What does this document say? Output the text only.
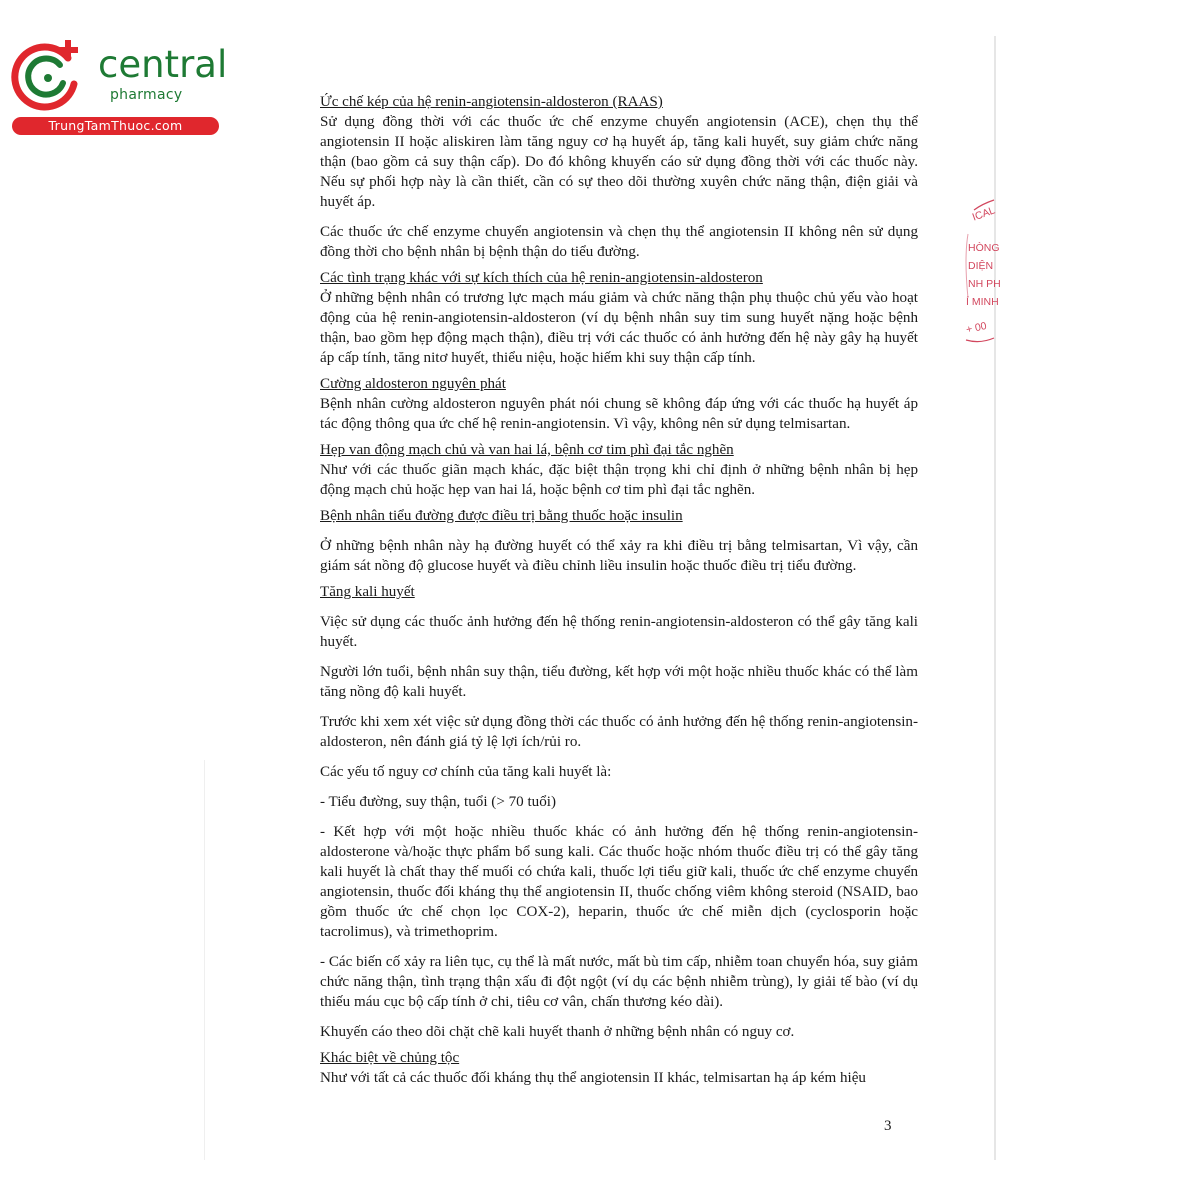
central
pharmacy
TrungTamThuoc.com
ICAL
HÒNG
DIỆN
NH PH
Í MINH
+ 00

Ức chế kép của hệ renin-angiotensin-aldosteron (RAAS)

Sử dụng đồng thời với các thuốc ức chế enzyme chuyển angiotensin (ACE), chẹn thụ thể angiotensin II hoặc aliskiren làm tăng nguy cơ hạ huyết áp, tăng kali huyết, suy giảm chức năng thận (bao gồm cả suy thận cấp). Do đó không khuyến cáo sử dụng đồng thời với các thuốc này. Nếu sự phối hợp này là cần thiết, cần có sự theo dõi thường xuyên chức năng thận, điện giải và huyết áp.

Các thuốc ức chế enzyme chuyển angiotensin và chẹn thụ thể angiotensin II không nên sử dụng đồng thời cho bệnh nhân bị bệnh thận do tiểu đường.

Các tình trạng khác với sự kích thích của hệ renin-angiotensin-aldosteron

Ở những bệnh nhân có trương lực mạch máu giảm và chức năng thận phụ thuộc chủ yếu vào hoạt động của hệ renin-angiotensin-aldosteron (ví dụ bệnh nhân suy tim sung huyết nặng hoặc bệnh thận, bao gồm hẹp động mạch thận), điều trị với các thuốc có ảnh hưởng đến hệ này gây hạ huyết áp cấp tính, tăng nitơ huyết, thiểu niệu, hoặc hiếm khi suy thận cấp tính.

Cường aldosteron nguyên phát

Bệnh nhân cường aldosteron nguyên phát nói chung sẽ không đáp ứng với các thuốc hạ huyết áp tác động thông qua ức chế hệ renin-angiotensin. Vì vậy, không nên sử dụng telmisartan.

Hẹp van động mạch chủ và van hai lá, bệnh cơ tim phì đại tắc nghẽn

Như với các thuốc giãn mạch khác, đặc biệt thận trọng khi chỉ định ở những bệnh nhân bị hẹp động mạch chủ hoặc hẹp van hai lá, hoặc bệnh cơ tim phì đại tắc nghẽn.

Bệnh nhân tiểu đường được điều trị bằng thuốc hoặc insulin

Ở những bệnh nhân này hạ đường huyết có thể xảy ra khi điều trị bằng telmisartan, Vì vậy, cần giám sát nồng độ glucose huyết và điều chỉnh liều insulin hoặc thuốc điều trị tiểu đường.

Tăng kali huyết

Việc sử dụng các thuốc ảnh hưởng đến hệ thống renin-angiotensin-aldosteron có thể gây tăng kali huyết.

Người lớn tuổi, bệnh nhân suy thận, tiểu đường, kết hợp với một hoặc nhiều thuốc khác có thể làm tăng nồng độ kali huyết.

Trước khi xem xét việc sử dụng đồng thời các thuốc có ảnh hưởng đến hệ thống renin-angiotensin-aldosteron, nên đánh giá tỷ lệ lợi ích/rủi ro.

Các yếu tố nguy cơ chính của tăng kali huyết là:

- Tiểu đường, suy thận, tuổi (> 70 tuổi)

- Kết hợp với một hoặc nhiều thuốc khác có ảnh hưởng đến hệ thống renin-angiotensin-aldosterone và/hoặc thực phẩm bổ sung kali. Các thuốc hoặc nhóm thuốc điều trị có thể gây tăng kali huyết là chất thay thế muối có chứa kali, thuốc lợi tiểu giữ kali, thuốc ức chế enzyme chuyển angiotensin, thuốc đối kháng thụ thể angiotensin II, thuốc chống viêm không steroid (NSAID, bao gồm thuốc ức chế chọn lọc COX-2), heparin, thuốc ức chế miễn dịch (cyclosporin hoặc tacrolimus), và trimethoprim.

- Các biến cố xảy ra liên tục, cụ thể là mất nước, mất bù tim cấp, nhiễm toan chuyển hóa, suy giảm chức năng thận, tình trạng thận xấu đi đột ngột (ví dụ các bệnh nhiễm trùng), ly giải tế bào (ví dụ thiếu máu cục bộ cấp tính ở chi, tiêu cơ vân, chấn thương kéo dài).

Khuyến cáo theo dõi chặt chẽ kali huyết thanh ở những bệnh nhân có nguy cơ.

Khác biệt về chủng tộc

Như với tất cả các thuốc đối kháng thụ thể angiotensin II khác, telmisartan hạ áp kém hiệu

3
